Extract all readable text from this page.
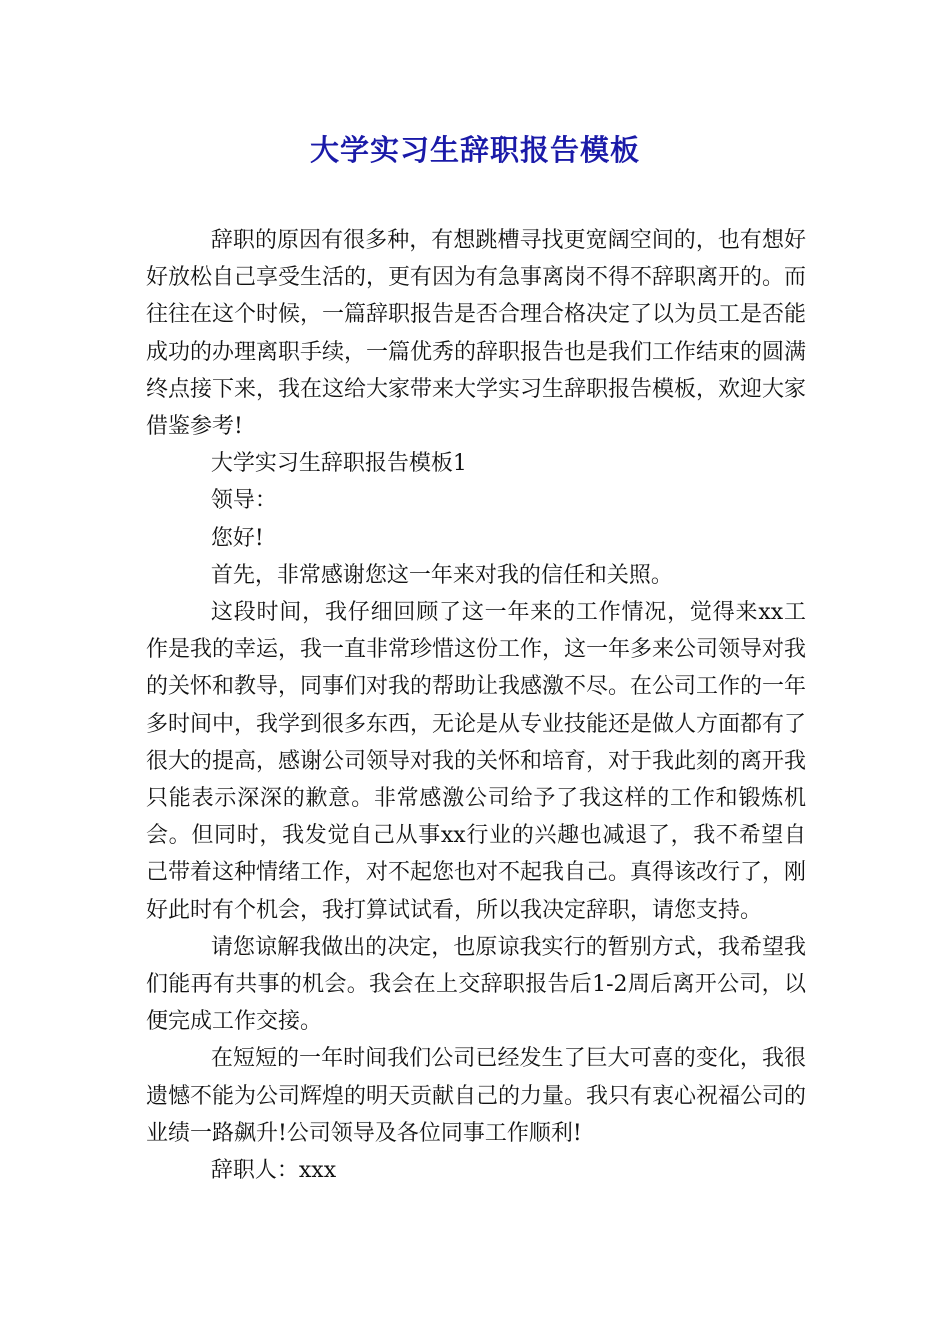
大学实习生辞职报告模板

辞职的原因有很多种，有想跳槽寻找更宽阔空间的，也有想好好放松自己享受生活的，更有因为有急事离岗不得不辞职离开的。而往往在这个时候，一篇辞职报告是否合理合格决定了以为员工是否能成功的办理离职手续，一篇优秀的辞职报告也是我们工作结束的圆满终点接下来，我在这给大家带来大学实习生辞职报告模板，欢迎大家借鉴参考!

大学实习生辞职报告模板1

领导：

您好!

首先，非常感谢您这一年来对我的信任和关照。

这段时间，我仔细回顾了这一年来的工作情况，觉得来xx工作是我的幸运，我一直非常珍惜这份工作，这一年多来公司领导对我的关怀和教导，同事们对我的帮助让我感激不尽。在公司工作的一年多时间中，我学到很多东西，无论是从专业技能还是做人方面都有了很大的提高，感谢公司领导对我的关怀和培育，对于我此刻的离开我只能表示深深的歉意。非常感激公司给予了我这样的工作和锻炼机会。但同时，我发觉自己从事xx行业的兴趣也减退了，我不希望自己带着这种情绪工作，对不起您也对不起我自己。真得该改行了，刚好此时有个机会，我打算试试看，所以我决定辞职，请您支持。

请您谅解我做出的决定，也原谅我实行的暂别方式，我希望我们能再有共事的机会。我会在上交辞职报告后1-2周后离开公司，以便完成工作交接。

在短短的一年时间我们公司已经发生了巨大可喜的变化，我很遗憾不能为公司辉煌的明天贡献自己的力量。我只有衷心祝福公司的业绩一路飙升!公司领导及各位同事工作顺利!

辞职人：xxx
